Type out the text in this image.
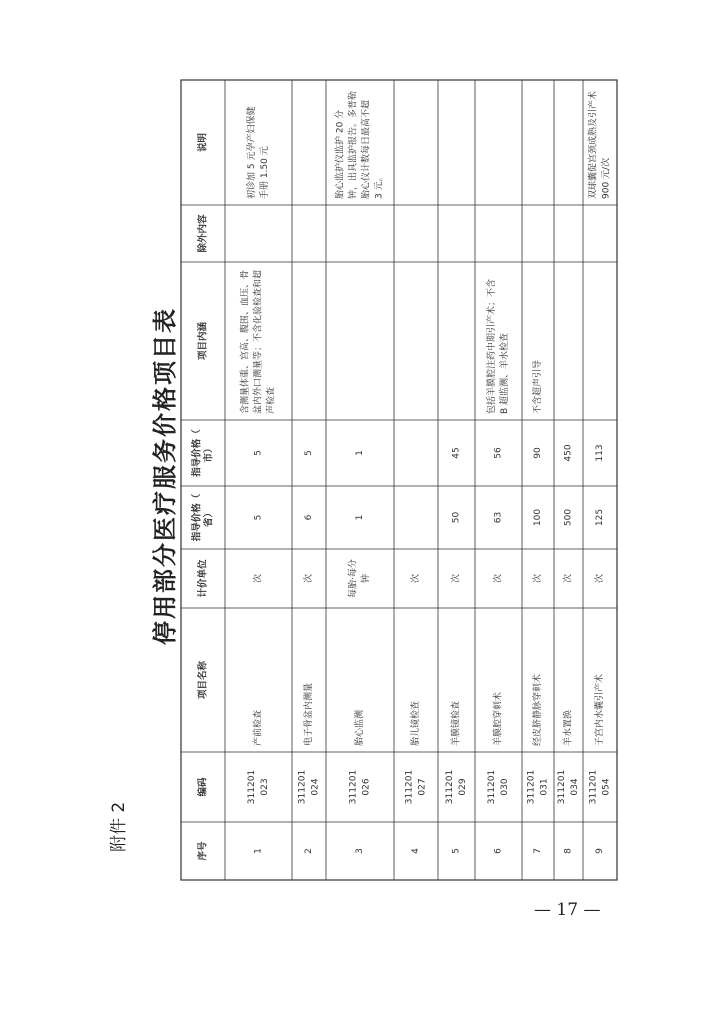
附件 2
停用部分医疗服务价格项目表
— 17 —
序号
编码
项目名称
计价单位
指导价格（ 省）
指导价格（ 市）
项目内涵
除外内容
说明
1
311201 023
产前检查
次
5
5
含测量体重、宫高、腹围、血压、骨 盆内外口测量等；不含化验检查和超 声检查
初诊加 5 元孕产妇保健 手册 1.50 元
2
311201 024
电子骨盆内测量
次
6
5
3
311201 026
胎心监测
每胎·每分 钟
1
1
胎心监护仪监护 20 分 钟，出具监护报告。多普勒 胎心仪计数每日最高不超 3 元。
4
311201 027
胎儿镜检查
次
5
311201 029
羊膜镜检查
次
50
45
6
311201 030
羊膜腔穿刺术
次
63
56
包括羊膜腔注药中期引产术；不含 B 超监测、羊水检查
7
311201 031
经皮脐静脉穿刺术
次
100
90
不含超声引导
8
311201 034
羊水置换
次
500
450
9
311201 054
子宫内水囊引产术
次
125
113
双球囊促宫颈成熟及引产术 900 元/次
